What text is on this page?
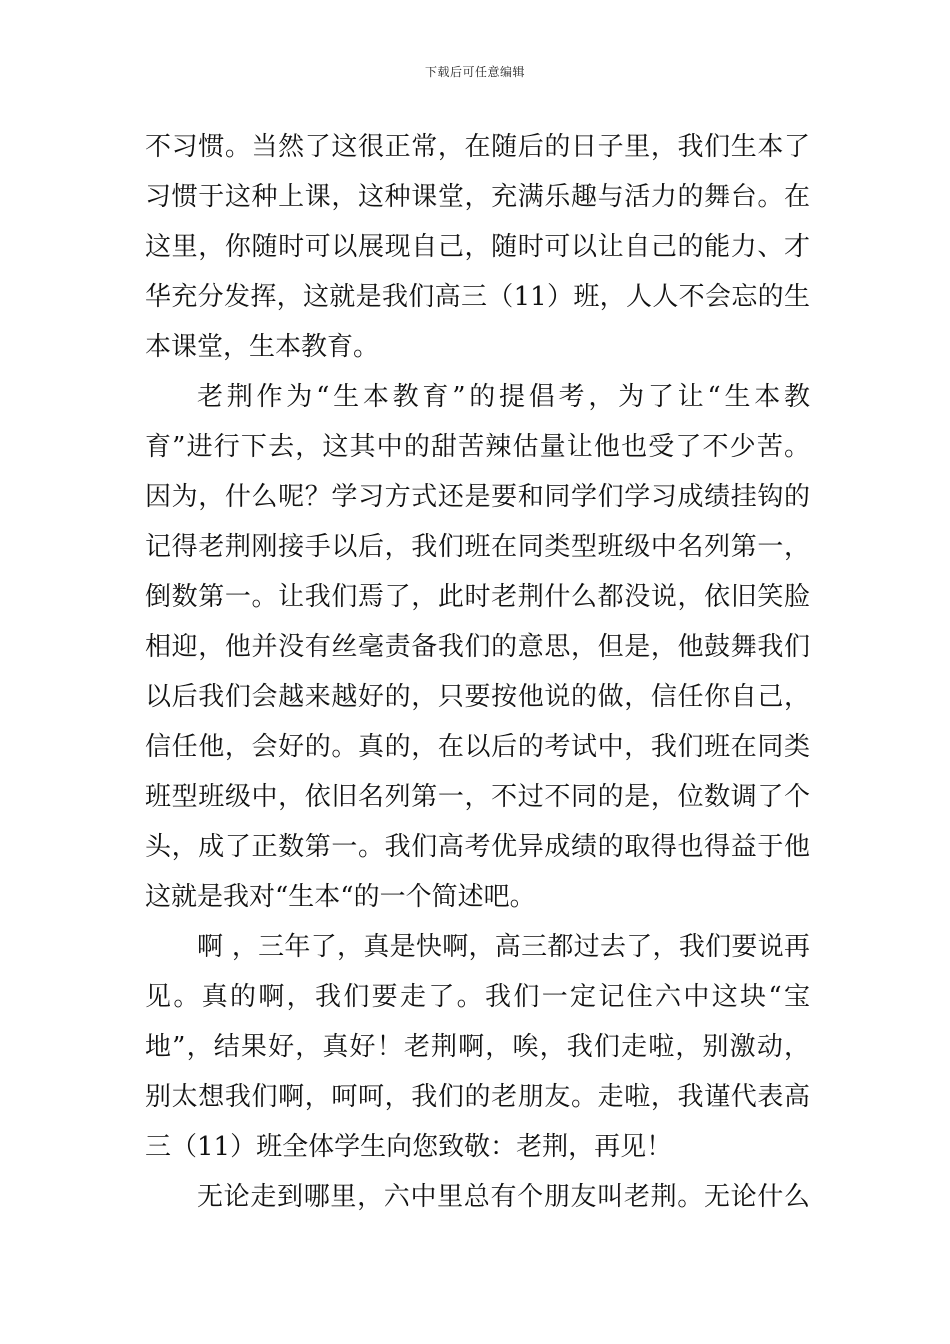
下载后可任意编辑
不习惯。当然了这很正常，在随后的日子里，我们生本了
习惯于这种上课，这种课堂，充满乐趣与活力的舞台。在
这里，你随时可以展现自己，随时可以让自己的能力、才
华充分发挥，这就是我们高三（11）班，人人不会忘的生
本课堂，生本教育。
老荆作为“生本教育”的提倡考，为了让“生本教
育”进行下去，这其中的甜苦辣估量让他也受了不少苦。
因为，什么呢？学习方式还是要和同学们学习成绩挂钩的
记得老荆刚接手以后，我们班在同类型班级中名列第一，
倒数第一。让我们焉了，此时老荆什么都没说，依旧笑脸
相迎，他并没有丝毫责备我们的意思，但是，他鼓舞我们
以后我们会越来越好的，只要按他说的做，信任你自己，
信任他，会好的。真的，在以后的考试中，我们班在同类
班型班级中，依旧名列第一，不过不同的是，位数调了个
头，成了正数第一。我们高考优异成绩的取得也得益于他
这就是我对“生本“的一个简述吧。
啊 ，三年了，真是快啊，高三都过去了，我们要说再
见。真的啊，我们要走了。我们一定记住六中这块“宝
地”，结果好，真好！老荆啊，唉，我们走啦，别激动，
别太想我们啊，呵呵，我们的老朋友。走啦，我谨代表高
三（11）班全体学生向您致敬：老荆，再见！
无论走到哪里，六中里总有个朋友叫老荆。无论什么
